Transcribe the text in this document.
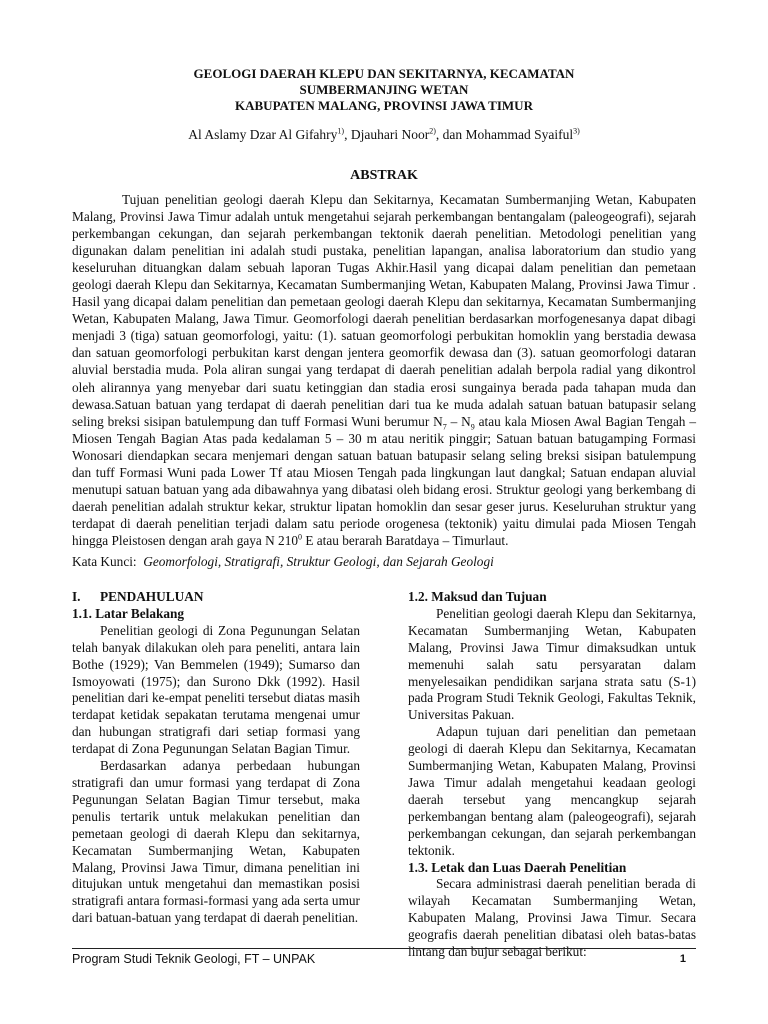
GEOLOGI DAERAH KLEPU DAN SEKITARNYA, KECAMATAN
SUMBERMANJING WETAN
KABUPATEN MALANG, PROVINSI JAWA TIMUR
Al Aslamy Dzar Al Gifahry$^{1)}$, Djauhari Noor$^{2)}$, dan Mohammad Syaiful$^{3)}$
ABSTRAK

Tujuan penelitian geologi daerah Klepu dan Sekitarnya, Kecamatan Sumbermanjing Wetan, Kabupaten Malang, Provinsi Jawa Timur adalah untuk mengetahui sejarah perkembangan bentangalam (paleogeografi), sejarah perkembangan cekungan, dan sejarah perkembangan tektonik daerah penelitian. Metodologi penelitian yang digunakan dalam penelitian ini adalah studi pustaka, penelitian lapangan, analisa laboratorium dan studio yang keseluruhan dituangkan dalam sebuah laporan Tugas Akhir.Hasil yang dicapai dalam penelitian dan pemetaan geologi daerah Klepu dan Sekitarnya, Kecamatan Sumbermanjing Wetan, Kabupaten Malang, Provinsi Jawa Timur . Hasil yang dicapai dalam penelitian dan pemetaan geologi daerah Klepu dan sekitarnya, Kecamatan Sumbermanjing Wetan, Kabupaten Malang, Jawa Timur. Geomorfologi daerah penelitian berdasarkan morfogenesanya dapat dibagi menjadi 3 (tiga) satuan geomorfologi, yaitu: (1). satuan geomorfologi perbukitan homoklin yang berstadia dewasa dan satuan geomorfologi perbukitan karst dengan jentera geomorfik dewasa dan (3). satuan geomorfologi dataran aluvial berstadia muda. Pola aliran sungai yang terdapat di daerah penelitian adalah berpola radial yang dikontrol oleh alirannya yang menyebar dari suatu ketinggian dan stadia erosi sungainya berada pada tahapan muda dan dewasa.Satuan batuan yang terdapat di daerah penelitian dari tua ke muda adalah satuan batuan batupasir selang seling breksi sisipan batulempung dan tuff Formasi Wuni berumur $N_7 - N_9$ atau kala Miosen Awal Bagian Tengah – Miosen Tengah Bagian Atas pada kedalaman 5 – 30 m atau neritik pinggir; Satuan batuan batugamping Formasi Wonosari diendapkan secara menjemari dengan satuan batuan batupasir selang seling breksi sisipan batulempung dan tuff Formasi Wuni pada Lower Tf atau Miosen Tengah pada lingkungan laut dangkal; Satuan endapan aluvial menutupi satuan batuan yang ada dibawahnya yang dibatasi oleh bidang erosi. Struktur geologi yang berkembang di daerah penelitian adalah struktur kekar, struktur lipatan homoklin dan sesar geser jurus. Keseluruhan struktur yang terdapat di daerah penelitian terjadi dalam satu periode orogenesa (tektonik) yaitu dimulai pada Miosen Tengah hingga Pleistosen dengan arah gaya N $210^0$ E atau berarah Baratdaya – Timurlaut.

Kata Kunci: Geomorfologi, Stratigrafi, Struktur Geologi, dan Sejarah Geologi
I.	PENDAHULUAN
1.1. Latar Belakang

Penelitian geologi di Zona Pegunungan Selatan telah banyak dilakukan oleh para peneliti, antara lain Bothe (1929); Van Bemmelen (1949); Sumarso dan Ismoyowati (1975); dan Surono Dkk (1992). Hasil penelitian dari ke-empat peneliti tersebut diatas masih terdapat ketidak sepakatan terutama mengenai umur dan hubungan stratigrafi dari setiap formasi yang terdapat di Zona Pegunungan Selatan Bagian Timur.

Berdasarkan adanya perbedaan hubungan stratigrafi dan umur formasi yang terdapat di Zona Pegunungan Selatan Bagian Timur tersebut, maka penulis tertarik untuk melakukan penelitian dan pemetaan geologi di daerah Klepu dan sekitarnya, Kecamatan Sumbermanjing Wetan, Kabupaten Malang, Provinsi Jawa Timur, dimana penelitian ini ditujukan untuk mengetahui dan memastikan posisi stratigrafi antara formasi-formasi yang ada serta umur dari batuan-batuan yang terdapat di daerah penelitian.

1.2. Maksud dan Tujuan

Penelitian geologi daerah Klepu dan Sekitarnya, Kecamatan Sumbermanjing Wetan, Kabupaten Malang, Provinsi Jawa Timur dimaksudkan untuk memenuhi salah satu persyaratan dalam menyelesaikan pendidikan sarjana strata satu (S-1) pada Program Studi Teknik Geologi, Fakultas Teknik, Universitas Pakuan.

Adapun tujuan dari penelitian dan pemetaan geologi di daerah Klepu dan Sekitarnya, Kecamatan Sumbermanjing Wetan, Kabupaten Malang, Provinsi Jawa Timur adalah mengetahui keadaan geologi daerah tersebut yang mencangkup sejarah perkembangan bentang alam (paleogeografi), sejarah perkembangan cekungan, dan sejarah perkembangan tektonik.

1.3. Letak dan Luas Daerah Penelitian

Secara administrasi daerah penelitian berada di wilayah Kecamatan Sumbermanjing Wetan, Kabupaten Malang, Provinsi Jawa Timur. Secara geografis daerah penelitian dibatasi oleh batas-batas lintang dan bujur sebagai berikut:

Program Studi Teknik Geologi, FT – UNPAK	1
